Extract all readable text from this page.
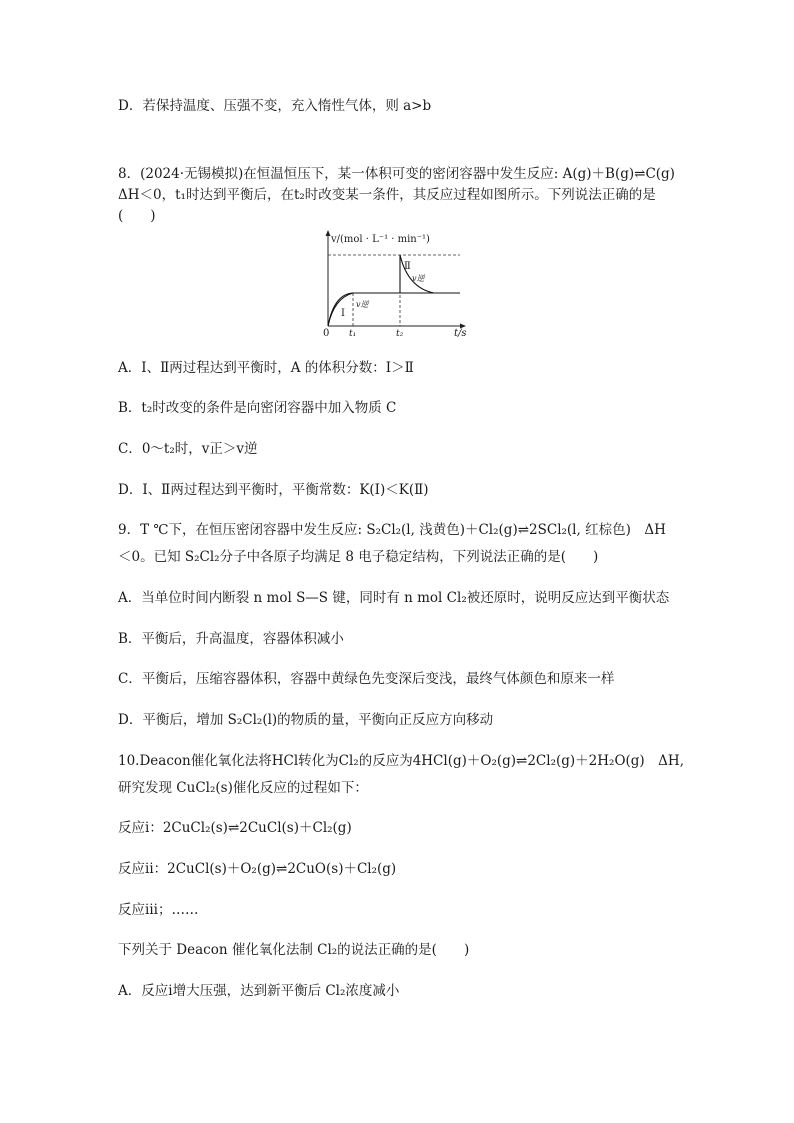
D．若保持温度、压强不变，充入惰性气体，则 a>b
8．(2024·无锡模拟)在恒温恒压下，某一体积可变的密闭容器中发生反应: A(g)＋B(g)⇌C(g)
ΔH＜0，t₁时达到平衡后，在t₂时改变某一条件，其反应过程如图所示。下列说法正确的是
(　　)
v/(mol · L⁻¹ · min⁻¹)
t/s
0 t₁	t₂
Ⅰ
Ⅱ
v逆
v逆
A．Ⅰ、Ⅱ两过程达到平衡时，A 的体积分数：Ⅰ＞Ⅱ
B．t₂时改变的条件是向密闭容器中加入物质 C
C．0～t₂时，v正＞v逆
D．Ⅰ、Ⅱ两过程达到平衡时，平衡常数：K(Ⅰ)＜K(Ⅱ)
9．T ℃下，在恒压密闭容器中发生反应: S₂Cl₂(l, 浅黄色)＋Cl₂(g)⇌2SCl₂(l, 红棕色)　ΔH
＜0。已知 S₂Cl₂分子中各原子均满足 8 电子稳定结构，下列说法正确的是(　　)
A．当单位时间内断裂 n mol S—S 键，同时有 n mol Cl₂被还原时，说明反应达到平衡状态
B．平衡后，升高温度，容器体积减小
C．平衡后，压缩容器体积，容器中黄绿色先变深后变浅，最终气体颜色和原来一样
D．平衡后，增加 S₂Cl₂(l)的物质的量，平衡向正反应方向移动
10.Deacon催化氧化法将HCl转化为Cl₂的反应为4HCl(g)＋O₂(g)⇌2Cl₂(g)＋2H₂O(g)　ΔH,
研究发现 CuCl₂(s)催化反应的过程如下：
反应ⅰ：2CuCl₂(s)⇌2CuCl(s)＋Cl₂(g)
反应ⅱ：2CuCl(s)＋O₂(g)⇌2CuO(s)＋Cl₂(g)
反应ⅲ；……
下列关于 Deacon 催化氧化法制 Cl₂的说法正确的是(　　)
A．反应ⅰ增大压强，达到新平衡后 Cl₂浓度减小
